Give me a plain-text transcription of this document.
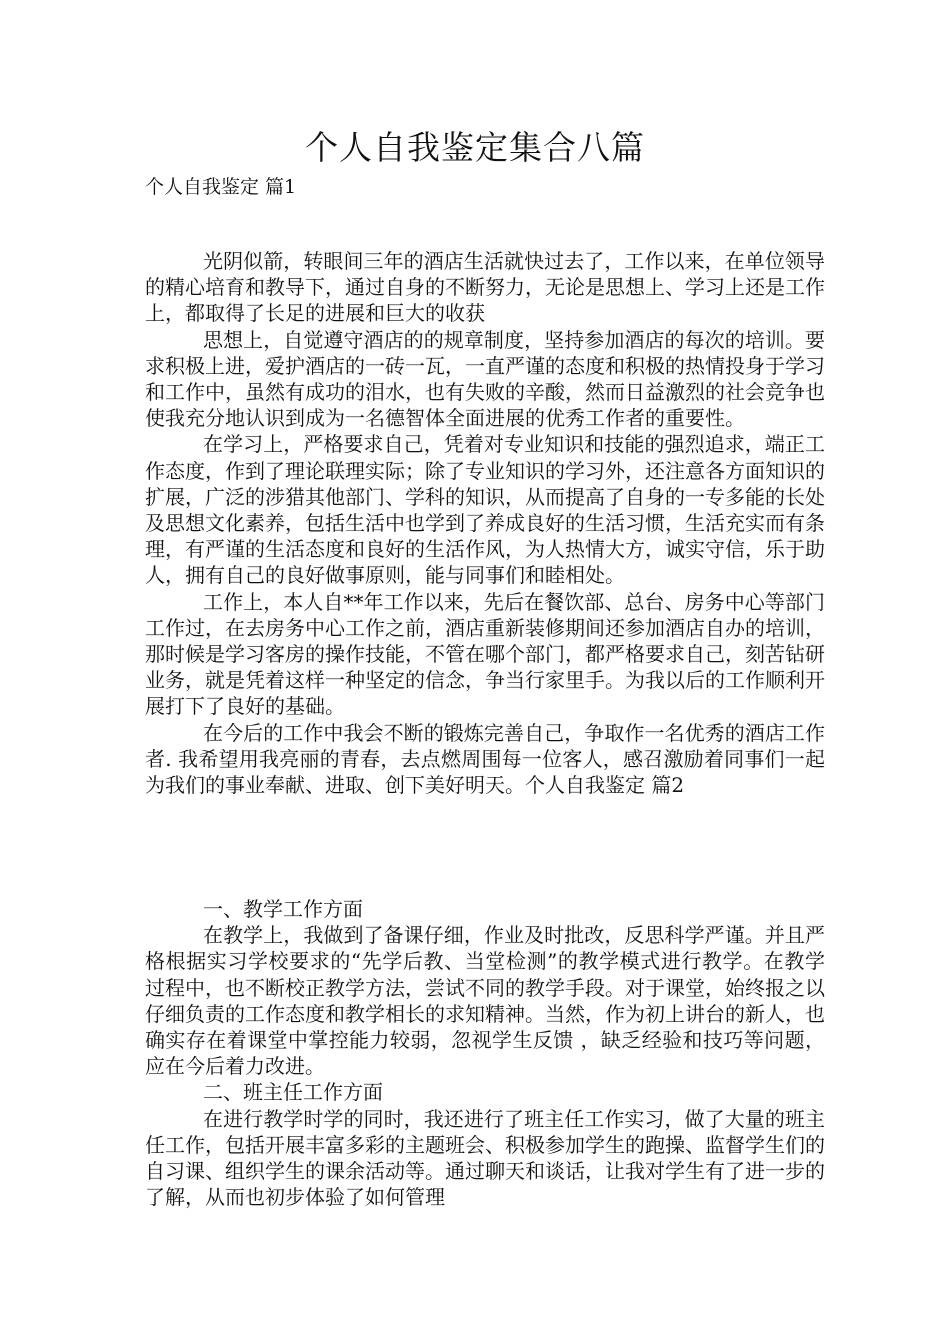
个人自我鉴定集合八篇
个人自我鉴定 篇1

光阴似箭，转眼间三年的酒店生活就快过去了，工作以来，在单位领导的精心培育和教导下，通过自身的不断努力，无论是思想上、学习上还是工作上，都取得了长足的进展和巨大的收获

思想上，自觉遵守酒店的的规章制度，坚持参加酒店的每次的培训。要求积极上进，爱护酒店的一砖一瓦，一直严谨的态度和积极的热情投身于学习和工作中，虽然有成功的泪水，也有失败的辛酸，然而日益激烈的社会竞争也使我充分地认识到成为一名德智体全面进展的优秀工作者的重要性。

在学习上，严格要求自己，凭着对专业知识和技能的强烈追求，端正工作态度，作到了理论联理实际；除了专业知识的学习外，还注意各方面知识的扩展，广泛的涉猎其他部门、学科的知识，从而提高了自身的一专多能的长处及思想文化素养，包括生活中也学到了养成良好的生活习惯，生活充实而有条理，有严谨的生活态度和良好的生活作风，为人热情大方，诚实守信，乐于助人，拥有自己的良好做事原则，能与同事们和睦相处。

工作上，本人自**年工作以来，先后在餐饮部、总台、房务中心等部门工作过，在去房务中心工作之前，酒店重新装修期间还参加酒店自办的培训，那时候是学习客房的操作技能，不管在哪个部门，都严格要求自己，刻苦钻研业务，就是凭着这样一种坚定的信念，争当行家里手。为我以后的工作顺利开展打下了良好的基础。

在今后的工作中我会不断的锻炼完善自己，争取作一名优秀的酒店工作者. 我希望用我亮丽的青春，去点燃周围每一位客人，感召激励着同事们一起为我们的事业奉献、进取、创下美好明天。个人自我鉴定 篇2

一、教学工作方面

在教学上，我做到了备课仔细，作业及时批改，反思科学严谨。并且严格根据实习学校要求的“先学后教、当堂检测”的教学模式进行教学。在教学过程中，也不断校正教学方法，尝试不同的教学手段。对于课堂，始终报之以仔细负责的工作态度和教学相长的求知精神。当然，作为初上讲台的新人，也确实存在着课堂中掌控能力较弱，忽视学生反馈 ，缺乏经验和技巧等问题，应在今后着力改进。

二、班主任工作方面

在进行教学时学的同时，我还进行了班主任工作实习，做了大量的班主任工作，包括开展丰富多彩的主题班会、积极参加学生的跑操、监督学生们的自习课、组织学生的课余活动等。通过聊天和谈话，让我对学生有了进一步的了解，从而也初步体验了如何管理
